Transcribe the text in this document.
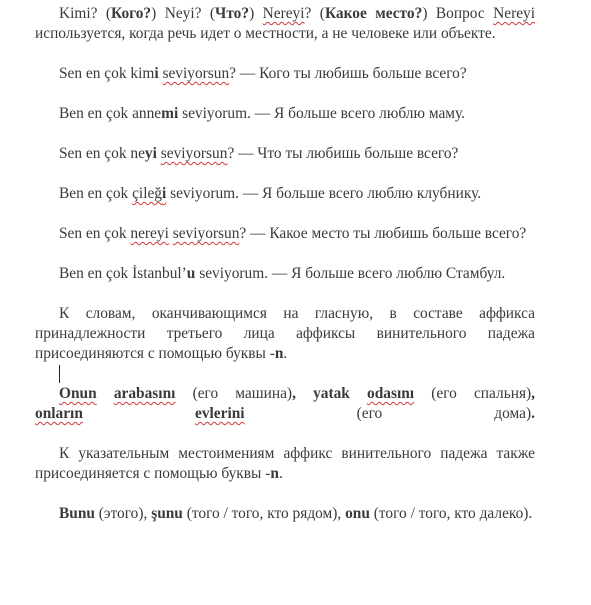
Kimi? (Кого?) Neyi? (Что?) Nereyi? (Какое место?) Вопрос Nereyi используется, когда речь идет о местности, а не человеке или объекте.

Sen en çok kimi seviyorsun? — Кого ты любишь больше всего?

Ben en çok annemi seviyorum. — Я больше всего люблю маму.

Sen en çok neyi seviyorsun? — Что ты любишь больше всего?

Ben en çok çileği seviyorum. — Я больше всего люблю клубнику.

Sen en çok nereyi seviyorsun? — Какое место ты любишь больше всего?

Ben en çok İstanbul’u seviyorum. — Я больше всего люблю Стамбул.

К словам, оканчивающимся на гласную, в составе аффикса принадлежности третьего лица аффиксы винительного падежа присоединяются с помощью буквы -n.

Onun arabasını (его машина), yatak odasını (его спальня),
onların	evlerini (его дома).

К указательным местоимениям аффикс винительного падежа также присоединяется с помощью буквы -n.

Bunu (этого), şunu (того / того, кто рядом), onu (того / того, кто далеко).
